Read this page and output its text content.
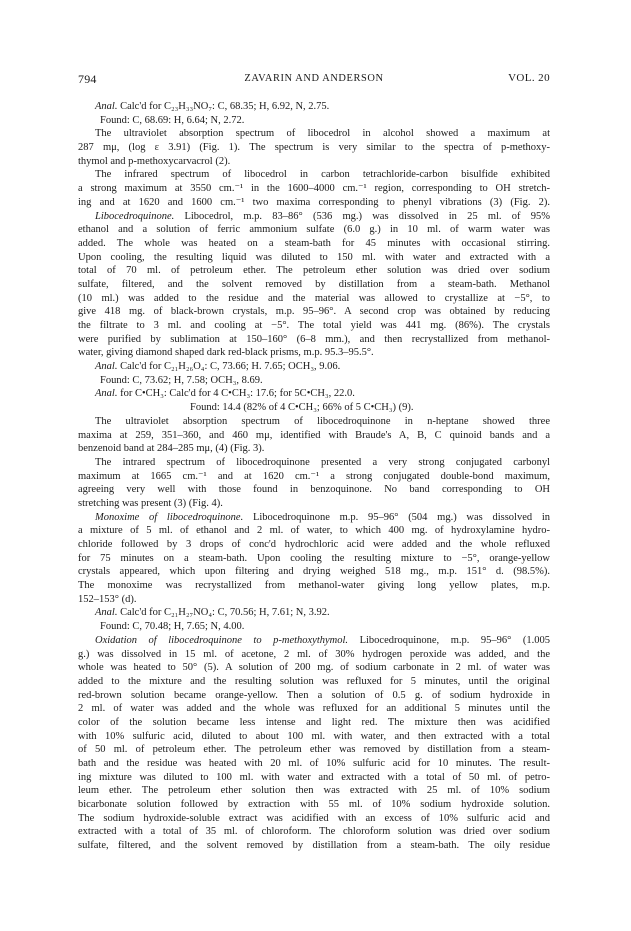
794	ZAVARIN AND ANDERSON	VOL. 20
Anal. Calc'd for C₂₃H₃₃NO₇: C, 68.35; H, 6.92, N, 2.75.
Found: C, 68.69: H, 6.64; N, 2.72.
The ultraviolet absorption spectrum of libocedrol in alcohol showed a maximum at
287 mμ, (log ε 3.91) (Fig. 1). The spectrum is very similar to the spectra of p-methoxy-
thymol and p-methoxycarvacrol (2).
The infrared spectrum of libocedrol in carbon tetrachloride-carbon bisulfide exhibited
a strong maximum at 3550 cm.⁻¹ in the 1600–4000 cm.⁻¹ region, corresponding to OH stretch-
ing and at 1620 and 1600 cm.⁻¹ two maxima corresponding to phenyl vibrations (3) (Fig. 2).
Libocedroquinone. Libocedrol, m.p. 83–86° (536 mg.) was dissolved in 25 ml. of 95%
ethanol and a solution of ferric ammonium sulfate (6.0 g.) in 10 ml. of warm water was
added. The whole was heated on a steam-bath for 45 minutes with occasional stirring.
Upon cooling, the resulting liquid was diluted to 150 ml. with water and extracted with a
total of 70 ml. of petroleum ether. The petroleum ether solution was dried over sodium
sulfate, filtered, and the solvent removed by distillation from a steam-bath. Methanol
(10 ml.) was added to the residue and the material was allowed to crystallize at −5°, to
give 418 mg. of black-brown crystals, m.p. 95–96°. A second crop was obtained by reducing
the filtrate to 3 ml. and cooling at −5°. The total yield was 441 mg. (86%). The crystals
were purified by sublimation at 150–160° (6–8 mm.), and then recrystallized from methanol-
water, giving diamond shaped dark red-black prisms, m.p. 95.3–95.5°.
Anal. Calc'd for C₂₁H₂₆O₄: C, 73.66; H. 7.65; OCH₃, 9.06.
Found: C, 73.62; H, 7.58; OCH₃, 8.69.
Anal. for C•CH₃: Calc'd for 4 C•CH₃: 17.6; for 5C•CH₃, 22.0.
Found: 14.4 (82% of 4 C•CH₃; 66% of 5 C•CH₃) (9).
The ultraviolet absorption spectrum of libocedroquinone in n-heptane showed three
maxima at 259, 351–360, and 460 mμ, identified with Braude's A, B, C quinoid bands and a
benzenoid band at 284–285 mμ, (4) (Fig. 3).
The intrared spectrum of libocedroquinone presented a very strong conjugated carbonyl
maximum at 1665 cm.⁻¹ and at 1620 cm.⁻¹ a strong conjugated double-bond maximum,
agreeing very well with those found in benzoquinone. No band corresponding to OH
stretching was present (3) (Fig. 4).
Monoxime of libocedroquinone. Libocedroquinone m.p. 95–96° (504 mg.) was dissolved in
a mixture of 5 ml. of ethanol and 2 ml. of water, to which 400 mg. of hydroxylamine hydro-
chloride followed by 3 drops of conc'd hydrochloric acid were added and the whole refluxed
for 75 minutes on a steam-bath. Upon cooling the resulting mixture to −5°, orange-yellow
crystals appeared, which upon filtering and drying weighed 518 mg., m.p. 151° d. (98.5%).
The monoxime was recrystallized from methanol-water giving long yellow plates, m.p.
152–153° (d).
Anal. Calc'd for C₂₁H₂₇NO₄: C, 70.56; H, 7.61; N, 3.92.
Found: C, 70.48; H, 7.65; N, 4.00.
Oxidation of libocedroquinone to p-methoxythymol. Libocedroquinone, m.p. 95–96° (1.005
g.) was dissolved in 15 ml. of acetone, 2 ml. of 30% hydrogen peroxide was added, and the
whole was heated to 50° (5). A solution of 200 mg. of sodium carbonate in 2 ml. of water was
added to the mixture and the resulting solution was refluxed for 5 minutes, until the original
red-brown solution became orange-yellow. Then a solution of 0.5 g. of sodium hydroxide in
2 ml. of water was added and the whole was refluxed for an additional 5 minutes until the
color of the solution became less intense and light red. The mixture then was acidified
with 10% sulfuric acid, diluted to about 100 ml. with water, and then extracted with a total
of 50 ml. of petroleum ether. The petroleum ether was removed by distillation from a steam-
bath and the residue was heated with 20 ml. of 10% sulfuric acid for 10 minutes. The result-
ing mixture was diluted to 100 ml. with water and extracted with a total of 50 ml. of petro-
leum ether. The petroleum ether solution then was extracted with 25 ml. of 10% sodium
bicarbonate solution followed by extraction with 55 ml. of 10% sodium hydroxide solution.
The sodium hydroxide-soluble extract was acidified with an excess of 10% sulfuric acid and
extracted with a total of 35 ml. of chloroform. The chloroform solution was dried over sodium
sulfate, filtered, and the solvent removed by distillation from a steam-bath. The oily residue
